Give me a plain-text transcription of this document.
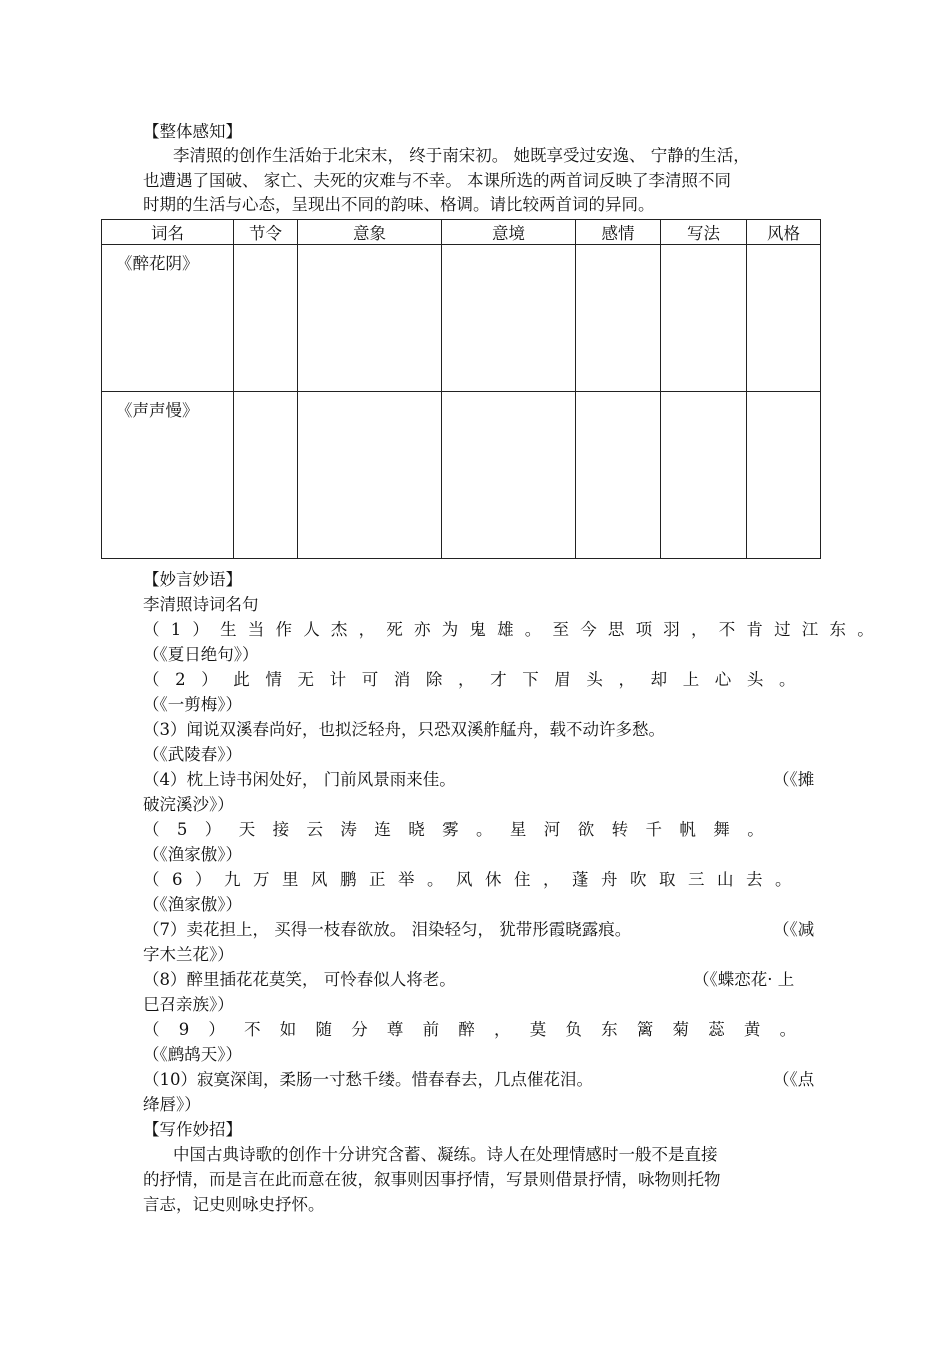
【整体感知】
李清照的创作生活始于北宋末， 终于南宋初。 她既享受过安逸、 宁静的生活，
也遭遇了国破、 家亡、夫死的灾难与不幸。 本课所选的两首词反映了李清照不同
时期的生活与心态，呈现出不同的韵味、格调。请比较两首词的异同。
词名	节令	意象	意境	感情	写法	风格
《醉花阴》						
《声声慢》						
【妙言妙语】
李清照诗词名句
（1）生当作人杰，死亦为鬼雄。至今思项羽，不肯过江东。
（《夏日绝句》）
（2）此情无计可消除，才下眉头，却上心头。
（《一剪梅》）
（3）闻说双溪春尚好，也拟泛轻舟，只恐双溪舴艋舟，载不动许多愁。
（《武陵春》）
（4）枕上诗书闲处好， 门前风景雨来佳。	（《摊
破浣溪沙》）
（5）天接云涛连晓雾。星河欲转千帆舞。
（《渔家傲》）
（6）九万里风鹏正举。风休住，蓬舟吹取三山去。
（《渔家傲》）
（7）卖花担上， 买得一枝春欲放。 泪染轻匀， 犹带彤霞晓露痕。	（《减
字木兰花》）
（8）醉里插花花莫笑， 可怜春似人将老。	（《蝶恋花· 上
巳召亲族》）
（9）不如随分尊前醉，莫负东篱菊蕊黄。
（《鹧鸪天》）
（10）寂寞深闺，柔肠一寸愁千缕。惜春春去，几点催花泪。	（《点
绛唇》）
【写作妙招】
中国古典诗歌的创作十分讲究含蓄、凝练。诗人在处理情感时一般不是直接
的抒情，而是言在此而意在彼，叙事则因事抒情，写景则借景抒情，咏物则托物
言志，记史则咏史抒怀。
